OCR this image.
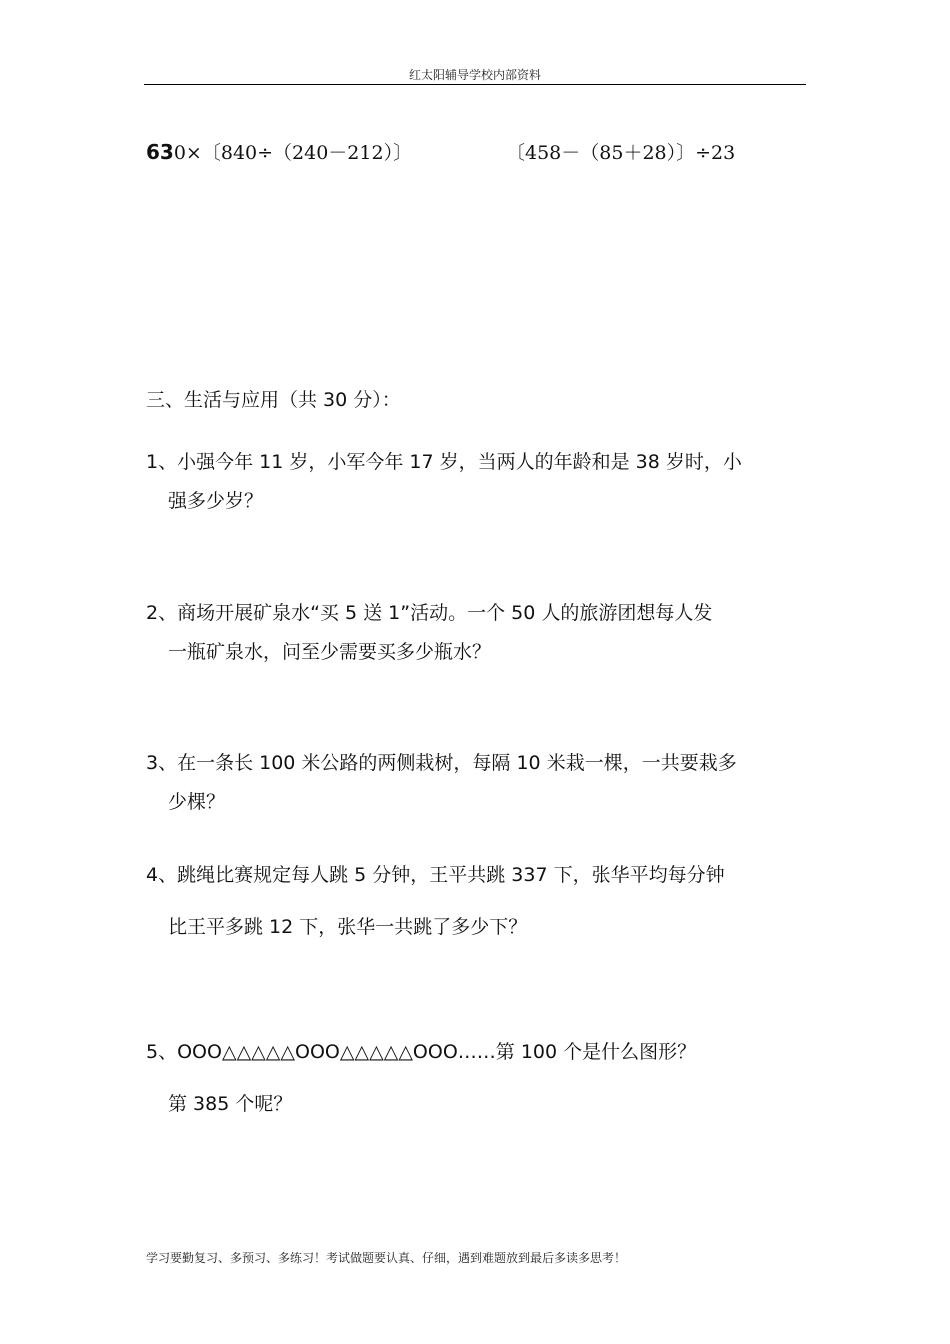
红太阳辅导学校内部资料
630×〔840÷（240－212）〕	〔458－（85＋28）〕÷23
三、生活与应用（共 30 分）：
1、小强今年 11 岁，小军今年 17 岁，当两人的年龄和是 38 岁时，小
强多少岁？
2、商场开展矿泉水“买 5 送 1”活动。一个 50 人的旅游团想每人发
一瓶矿泉水，问至少需要买多少瓶水？
3、在一条长 100 米公路的两侧栽树，每隔 10 米栽一棵，一共要栽多
少棵？
4、跳绳比赛规定每人跳 5 分钟，王平共跳 337 下，张华平均每分钟
比王平多跳 12 下，张华一共跳了多少下？
5、OOO△△△△△OOO△△△△△OOO……第 100 个是什么图形？
第 385 个呢？
学习要勤复习、多预习、多练习！考试做题要认真、仔细，遇到难题放到最后多读多思考！
